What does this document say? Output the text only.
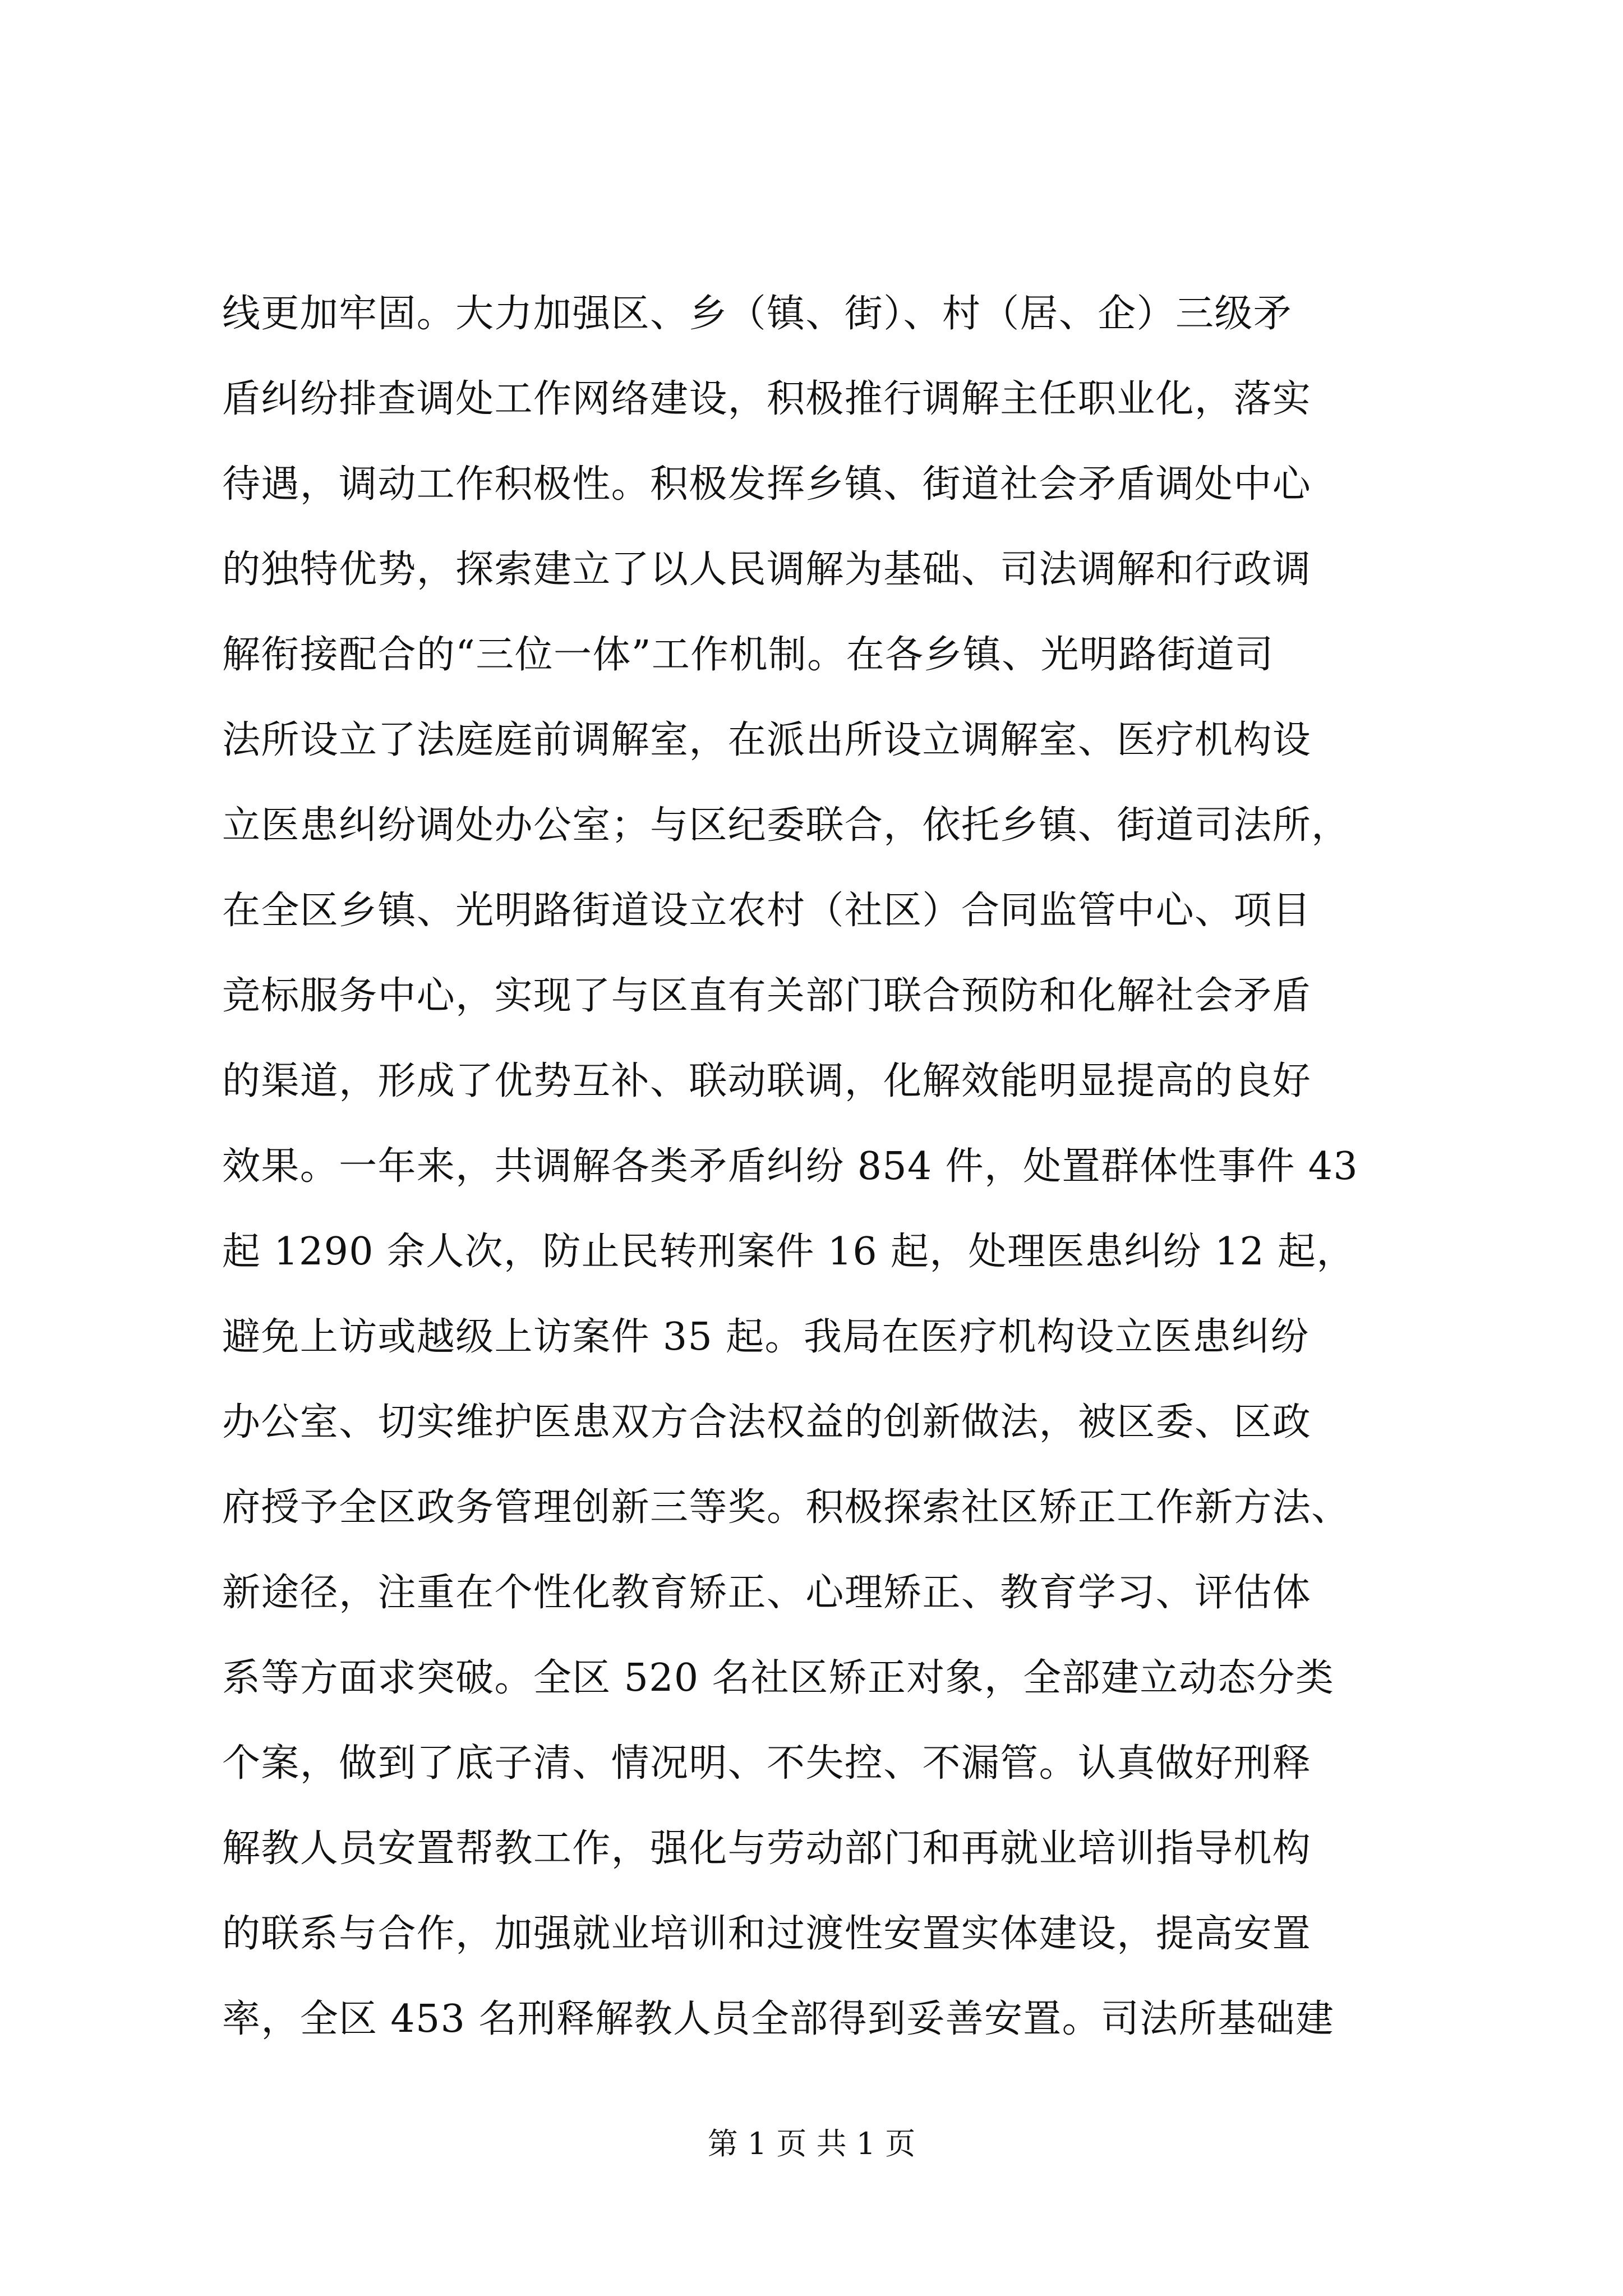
线更加牢固。大力加强区、乡（镇、街）、村（居、企）三级矛
盾纠纷排查调处工作网络建设，积极推行调解主任职业化，落实
待遇，调动工作积极性。积极发挥乡镇、街道社会矛盾调处中心
的独特优势，探索建立了以人民调解为基础、司法调解和行政调
解衔接配合的“三位一体”工作机制。在各乡镇、光明路街道司
法所设立了法庭庭前调解室，在派出所设立调解室、医疗机构设
立医患纠纷调处办公室；与区纪委联合，依托乡镇、街道司法所，
在全区乡镇、光明路街道设立农村（社区）合同监管中心、项目
竞标服务中心，实现了与区直有关部门联合预防和化解社会矛盾
的渠道，形成了优势互补、联动联调，化解效能明显提高的良好
效果。一年来，共调解各类矛盾纠纷 854 件，处置群体性事件 43
起 1290 余人次，防止民转刑案件 16 起，处理医患纠纷 12 起，
避免上访或越级上访案件 35 起。我局在医疗机构设立医患纠纷
办公室、切实维护医患双方合法权益的创新做法，被区委、区政
府授予全区政务管理创新三等奖。积极探索社区矫正工作新方法、
新途径，注重在个性化教育矫正、心理矫正、教育学习、评估体
系等方面求突破。全区 520 名社区矫正对象，全部建立动态分类
个案，做到了底子清、情况明、不失控、不漏管。认真做好刑释
解教人员安置帮教工作，强化与劳动部门和再就业培训指导机构
的联系与合作，加强就业培训和过渡性安置实体建设，提高安置
率，全区 453 名刑释解教人员全部得到妥善安置。司法所基础建
第 1 页 共 1 页
